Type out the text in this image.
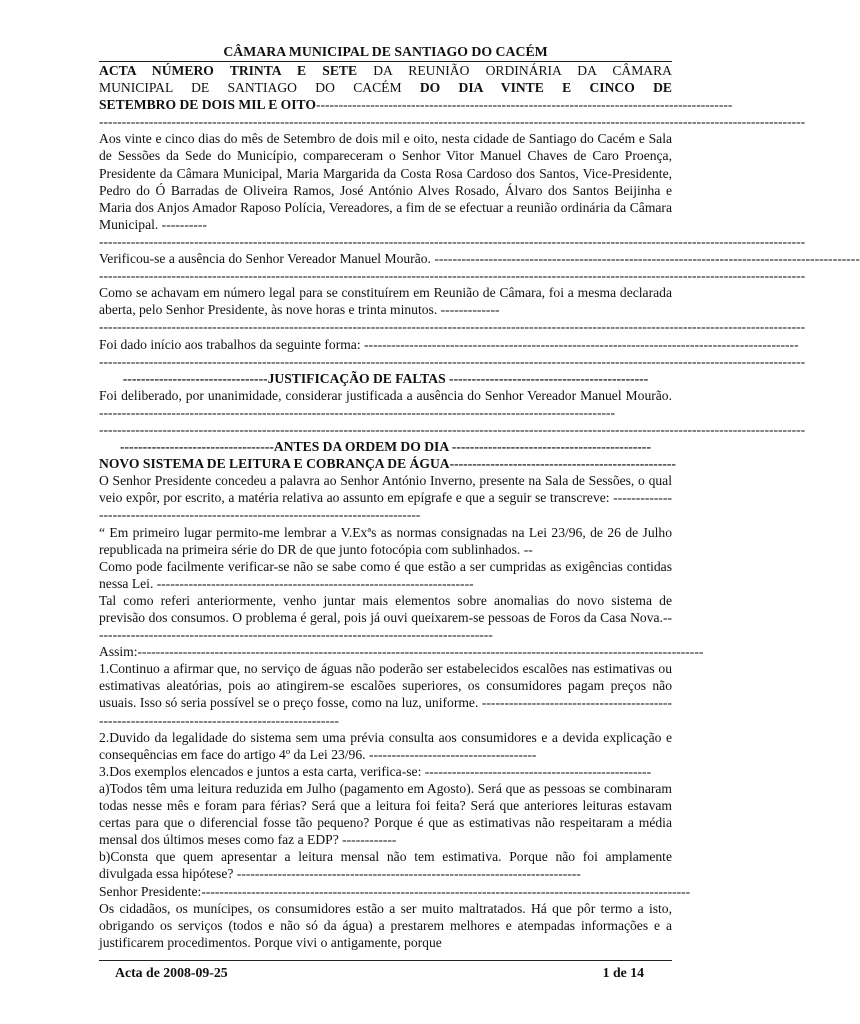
CÂMARA MUNICIPAL DE SANTIAGO DO CACÉM
ACTA NÚMERO TRINTA E SETE DA REUNIÃO ORDINÁRIA DA CÂMARA
MUNICIPAL DE SANTIAGO DO CACÉM DO DIA VINTE E CINCO DE
SETEMBRO DE DOIS MIL E OITO--------------------------------------------------------------------------------------------
------------------------------------------------------------------------------------------------------------------------------------------------------------

Aos vinte e cinco dias do mês de Setembro de dois mil e oito, nesta cidade de Santiago do Cacém e Sala de Sessões da Sede do Município, compareceram o Senhor Vitor Manuel Chaves de Caro Proença, Presidente da Câmara Municipal, Maria Margarida da Costa Rosa Cardoso dos Santos, Vice-Presidente, Pedro do Ó Barradas de Oliveira Ramos, José António Alves Rosado, Álvaro dos Santos Beijinha e Maria dos Anjos Amador Raposo Polícia, Vereadores, a fim de se efectuar a reunião ordinária da Câmara Municipal. ----------

------------------------------------------------------------------------------------------------------------------------------------------------------------
Verificou-se a ausência do Senhor Vereador Manuel Mourão. ----------------------------------------------------------------------------------------------
------------------------------------------------------------------------------------------------------------------------------------------------------------

Como se achavam em número legal para se constituírem em Reunião de Câmara, foi a mesma declarada aberta, pelo Senhor Presidente, às nove horas e trinta minutos. -------------

------------------------------------------------------------------------------------------------------------------------------------------------------------
Foi dado início aos trabalhos da seguinte forma: ------------------------------------------------------------------------------------------------
------------------------------------------------------------------------------------------------------------------------------------------------------------
--------------------------------JUSTIFICAÇÃO DE FALTAS --------------------------------------------

Foi deliberado, por unanimidade, considerar justificada a ausência do Senhor Vereador Manuel Mourão. ------------------------------------------------------------------------------------------------------------------

------------------------------------------------------------------------------------------------------------------------------------------------------------
----------------------------------ANTES DA ORDEM DO DIA --------------------------------------------
NOVO SISTEMA DE LEITURA E COBRANÇA DE ÁGUA--------------------------------------------------

O Senhor Presidente concedeu a palavra ao Senhor António Inverno, presente na Sala de Sessões, o qual veio expôr, por escrito, a matéria relativa ao assunto em epígrafe e que a seguir se transcreve: ------------------------------------------------------------------------------------

“ Em primeiro lugar permito-me lembrar a V.Exªs as normas consignadas na Lei 23/96, de 26 de Julho republicada na primeira série do DR de que junto fotocópia com sublinhados. --

Como pode facilmente verificar-se não se sabe como é que estão a ser cumpridas as exigências contidas nessa Lei. ----------------------------------------------------------------------

Tal como referi anteriormente, venho juntar mais elementos sobre anomalias do novo sistema de previsão dos consumos. O problema é geral, pois já ouvi queixarem-se pessoas de Foros da Casa Nova.-----------------------------------------------------------------------------------------

Assim:-----------------------------------------------------------------------------------------------------------------------------

1.Continuo a afirmar que, no serviço de águas não poderão ser estabelecidos escalões nas estimativas ou estimativas aleatórias, pois ao atingirem-se escalões superiores, os consumidores pagam preços não usuais. Isso só seria possível se o preço fosse, como na luz, uniforme. -----------------------------------------------------------------------------------------------

2.Duvido da legalidade do sistema sem uma prévia consulta aos consumidores e a devida explicação e consequências em face do artigo 4º da Lei 23/96. -------------------------------------

3.Dos exemplos elencados e juntos a esta carta, verifica-se: --------------------------------------------------

a)Todos têm uma leitura reduzida em Julho (pagamento em Agosto). Será que as pessoas se combinaram todas nesse mês e foram para férias? Será que a leitura foi feita? Será que anteriores leituras estavam certas para que o diferencial fosse tão pequeno? Porque é que as estimativas não respeitaram a média mensal dos últimos meses como faz a EDP? ------------

b)Consta que quem apresentar a leitura mensal não tem estimativa. Porque não foi amplamente divulgada essa hipótese? ----------------------------------------------------------------------------

Senhor Presidente:------------------------------------------------------------------------------------------------------------

Os cidadãos, os munícipes, os consumidores estão a ser muito maltratados. Há que pôr termo a isto, obrigando os serviços (todos e não só da água) a prestarem melhores e atempadas informações e a justificarem procedimentos. Porque vivi o antigamente, porque

Acta de 2008-09-25	1 de 14
